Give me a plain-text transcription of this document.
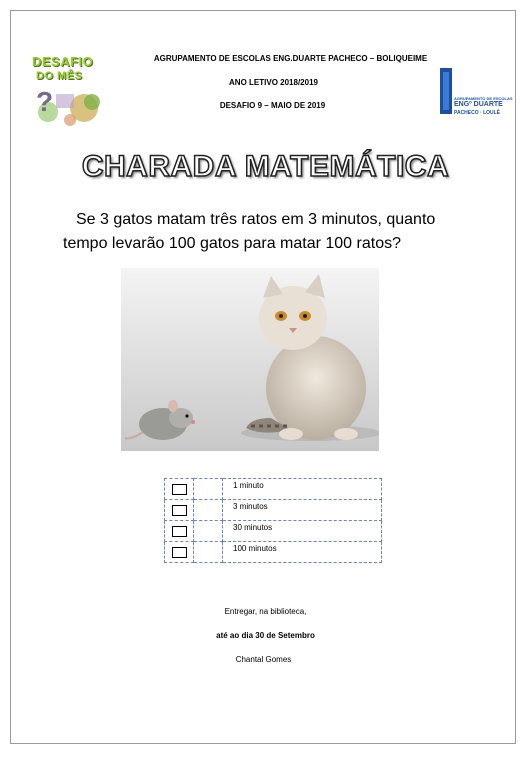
DESAFIO
DO MÊS
?	AGRUPAMENTO DE ESCOLAS
ENGº DUARTE
PACHECO · LOULÉ
AGRUPAMENTO DE ESCOLAS ENG.DUARTE PACHECO – BOLIQUEIME
ANO LETIVO 2018/2019
DESAFIO 9 – MAIO DE 2019
CHARADA MATEMÁTICA
Se 3 gatos matam três ratos em 3 minutos, quanto
tempo levarão 100 gatos para matar 100 ratos?
		1 minuto
		3 minutos
		30 minutos
		100 minutos
Entregar, na biblioteca,
até ao dia 30 de Setembro
Chantal Gomes
